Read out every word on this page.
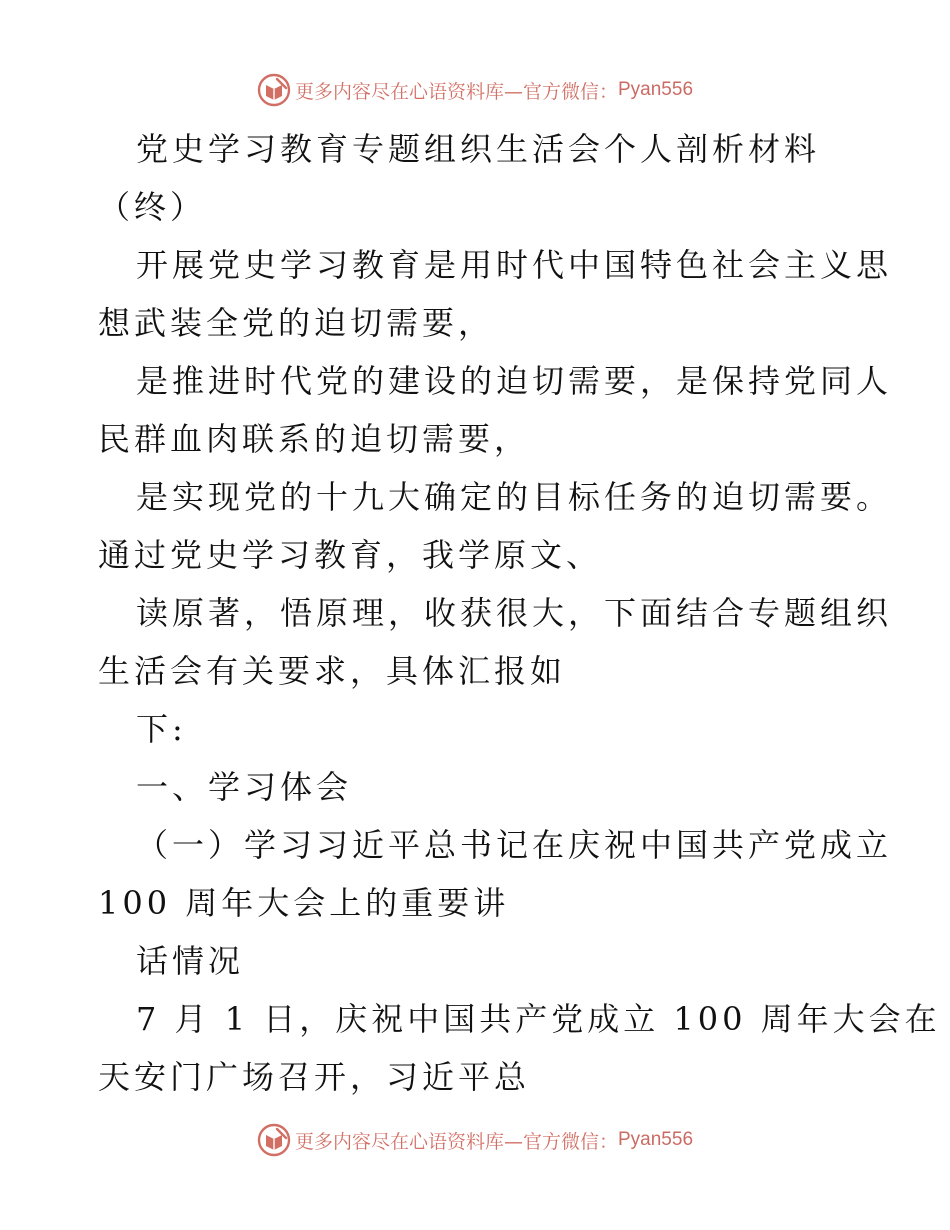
更多内容尽在心语资料库—官方微信： Pyan556
党史学习教育专题组织生活会个人剖析材料
（终）
开展党史学习教育是用时代中国特色社会主义思
想武装全党的迫切需要，
是推进时代党的建设的迫切需要，是保持党同人
民群血肉联系的迫切需要，
是实现党的十九大确定的目标任务的迫切需要。
通过党史学习教育，我学原文、
读原著，悟原理，收获很大，下面结合专题组织
生活会有关要求，具体汇报如
下:
一、学习体会
（一）学习习近平总书记在庆祝中国共产党成立
100 周年大会上的重要讲
话情况
7 月 1 日，庆祝中国共产党成立 100 周年大会在
天安门广场召开，习近平总
更多内容尽在心语资料库—官方微信： Pyan556
